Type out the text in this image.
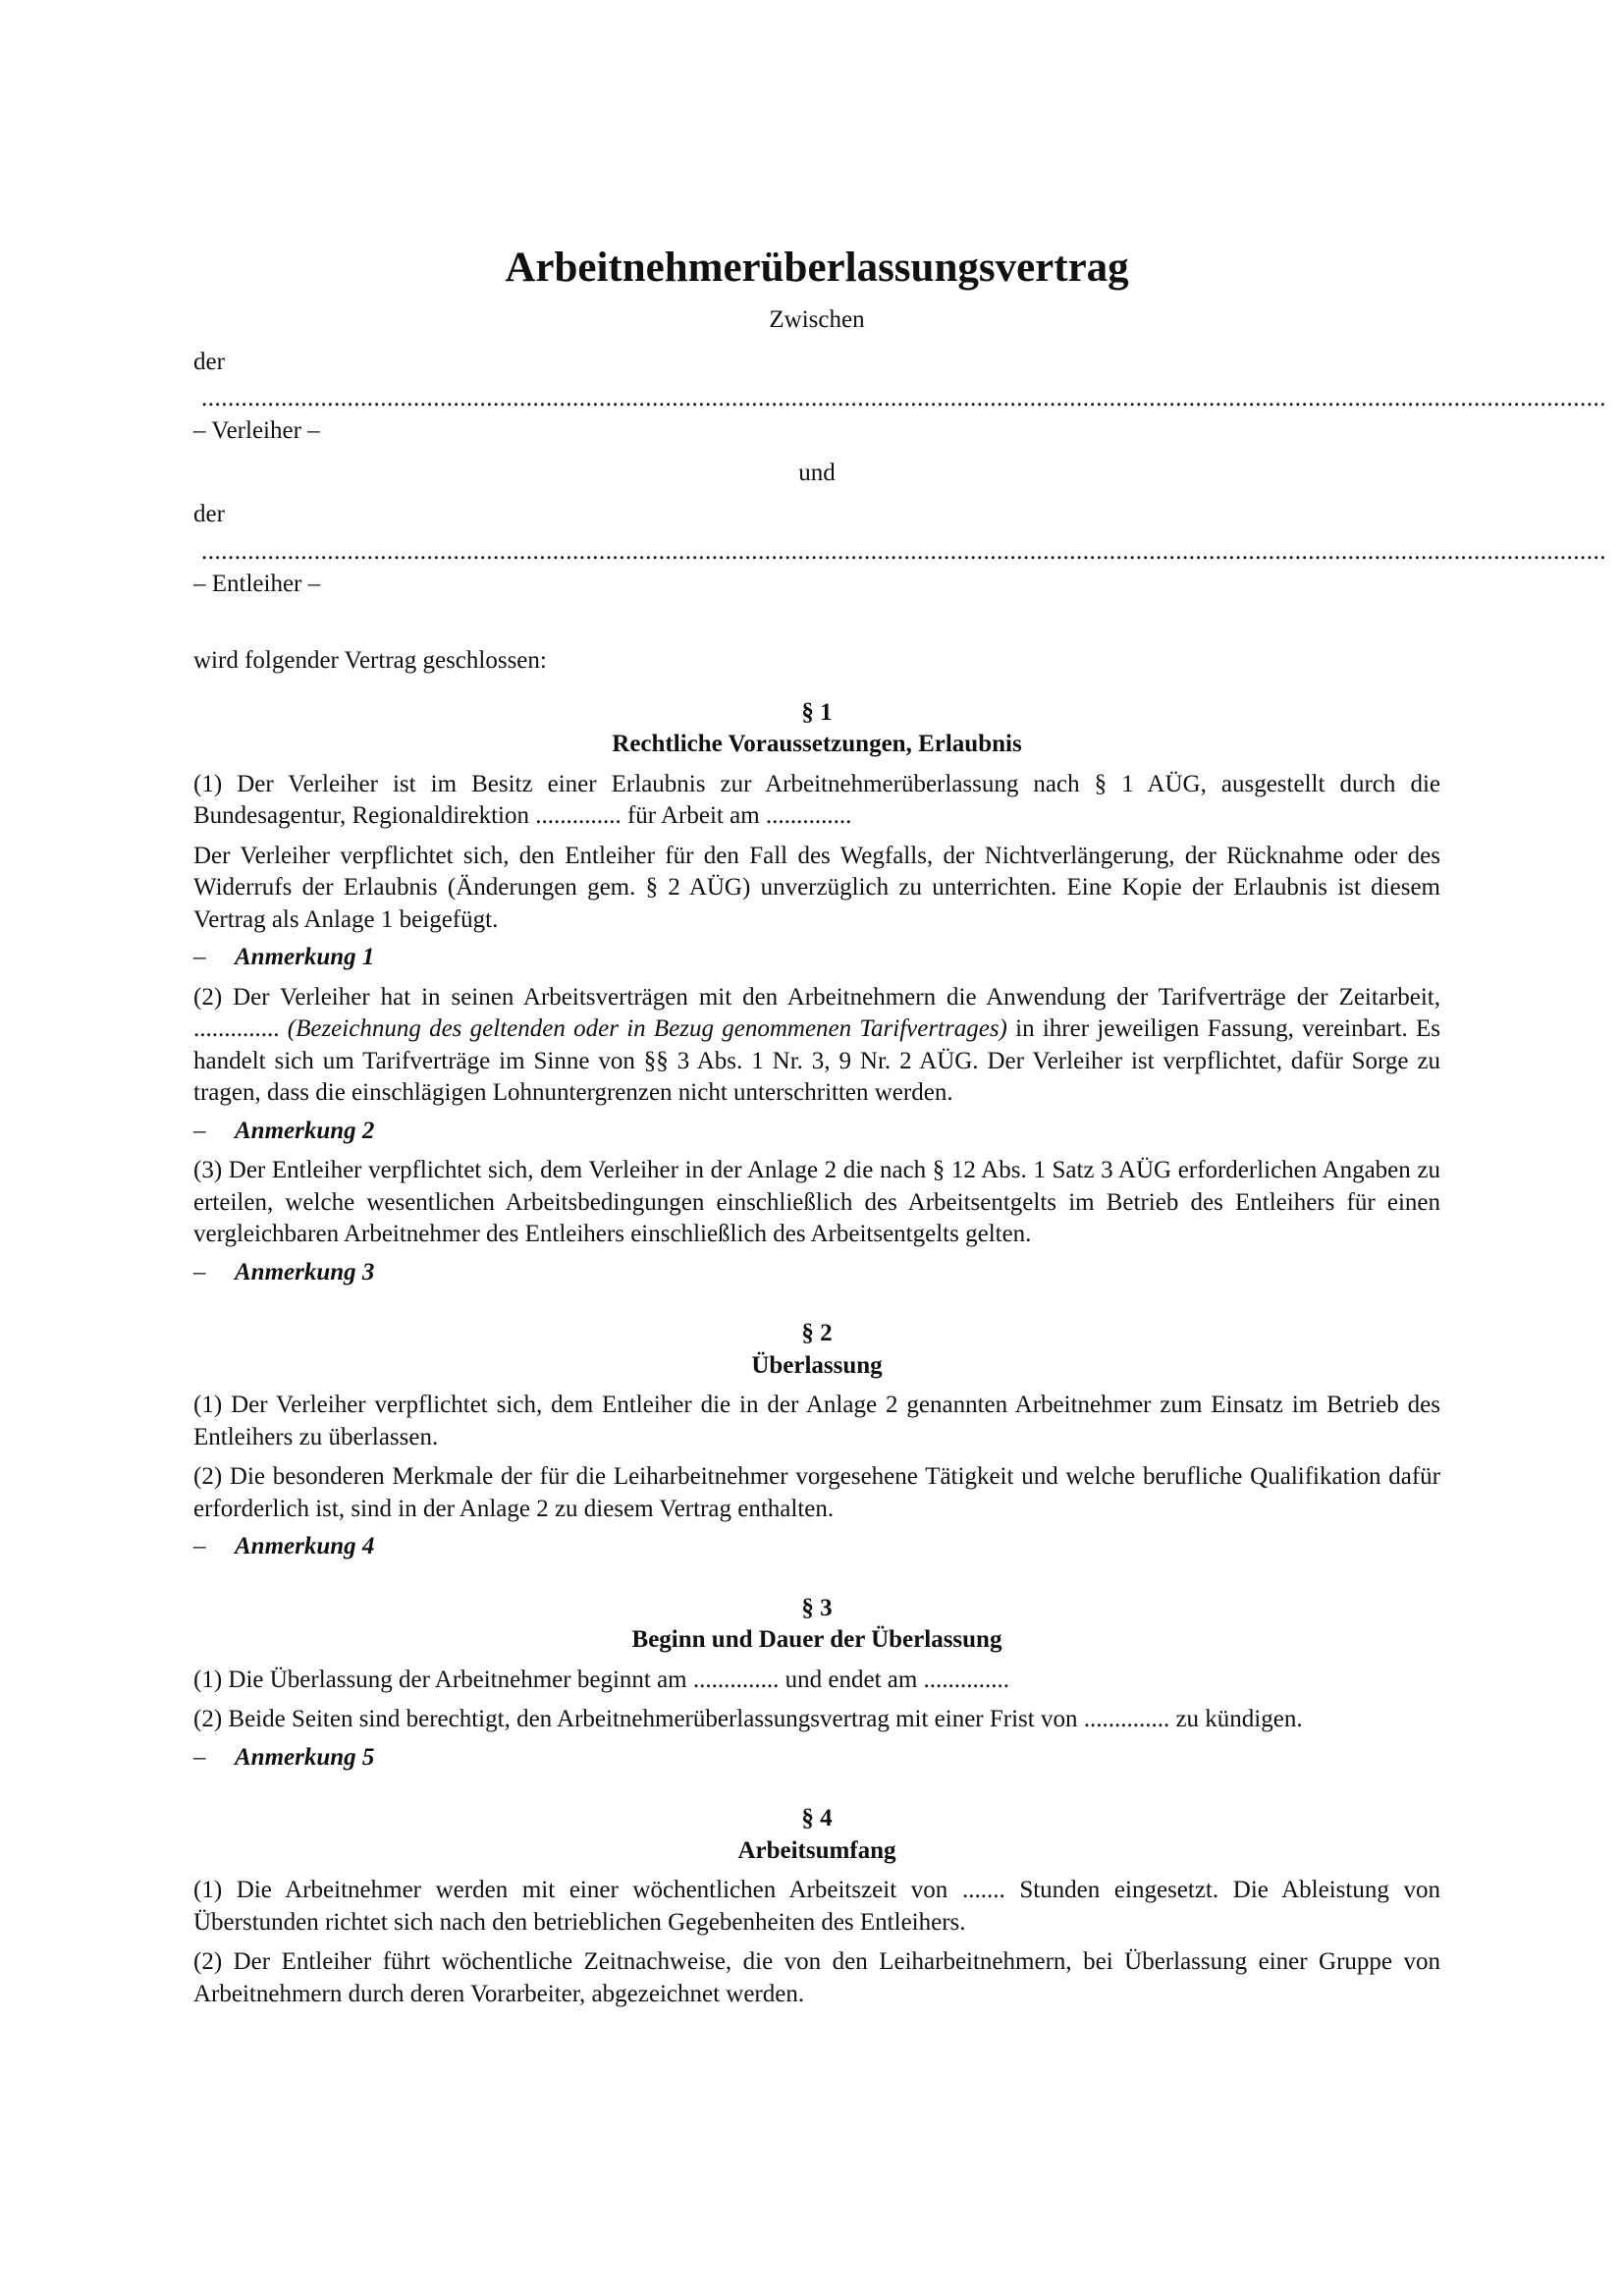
Arbeitnehmerüberlassungsvertrag
Zwischen
der
....................................................................................................................................................................................................................
– Verleiher –
und
der
....................................................................................................................................................................................................................
– Entleiher –
wird folgender Vertrag geschlossen:
§ 1
Rechtliche Voraussetzungen, Erlaubnis

(1) Der Verleiher ist im Besitz einer Erlaubnis zur Arbeitnehmerüberlassung nach § 1 AÜG, ausgestellt durch die Bundesagentur, Regionaldirektion .............. für Arbeit am ..............

Der Verleiher verpflichtet sich, den Entleiher für den Fall des Wegfalls, der Nichtverlängerung, der Rücknahme oder des Widerrufs der Erlaubnis (Änderungen gem. § 2 AÜG) unverzüglich zu unterrichten. Eine Kopie der Erlaubnis ist diesem Vertrag als Anlage 1 beigefügt.

– Anmerkung 1

(2) Der Verleiher hat in seinen Arbeitsverträgen mit den Arbeitnehmern die Anwendung der Tarifverträge der Zeitarbeit, .............. (Bezeichnung des geltenden oder in Bezug genommenen Tarifvertrages) in ihrer jeweiligen Fassung, vereinbart. Es handelt sich um Tarifverträge im Sinne von §§ 3 Abs. 1 Nr. 3, 9 Nr. 2 AÜG. Der Verleiher ist verpflichtet, dafür Sorge zu tragen, dass die einschlägigen Lohnuntergrenzen nicht unterschritten werden.

– Anmerkung 2

(3) Der Entleiher verpflichtet sich, dem Verleiher in der Anlage 2 die nach § 12 Abs. 1 Satz 3 AÜG erforderlichen Angaben zu erteilen, welche wesentlichen Arbeitsbedingungen einschließlich des Arbeitsentgelts im Betrieb des Entleihers für einen vergleichbaren Arbeitnehmer des Entleihers einschließlich des Arbeitsentgelts gelten.

– Anmerkung 3
§ 2
Überlassung

(1) Der Verleiher verpflichtet sich, dem Entleiher die in der Anlage 2 genannten Arbeitnehmer zum Einsatz im Betrieb des Entleihers zu überlassen.

(2) Die besonderen Merkmale der für die Leiharbeitnehmer vorgesehene Tätigkeit und welche berufliche Qualifikation dafür erforderlich ist, sind in der Anlage 2 zu diesem Vertrag enthalten.

– Anmerkung 4
§ 3
Beginn und Dauer der Überlassung

(1) Die Überlassung der Arbeitnehmer beginnt am .............. und endet am ..............

(2) Beide Seiten sind berechtigt, den Arbeitnehmerüberlassungsvertrag mit einer Frist von .............. zu kündigen.

– Anmerkung 5
§ 4
Arbeitsumfang

(1) Die Arbeitnehmer werden mit einer wöchentlichen Arbeitszeit von ....... Stunden eingesetzt. Die Ableistung von Überstunden richtet sich nach den betrieblichen Gegebenheiten des Entleihers.

(2) Der Entleiher führt wöchentliche Zeitnachweise, die von den Leiharbeitnehmern, bei Überlassung einer Gruppe von Arbeitnehmern durch deren Vorarbeiter, abgezeichnet werden.
